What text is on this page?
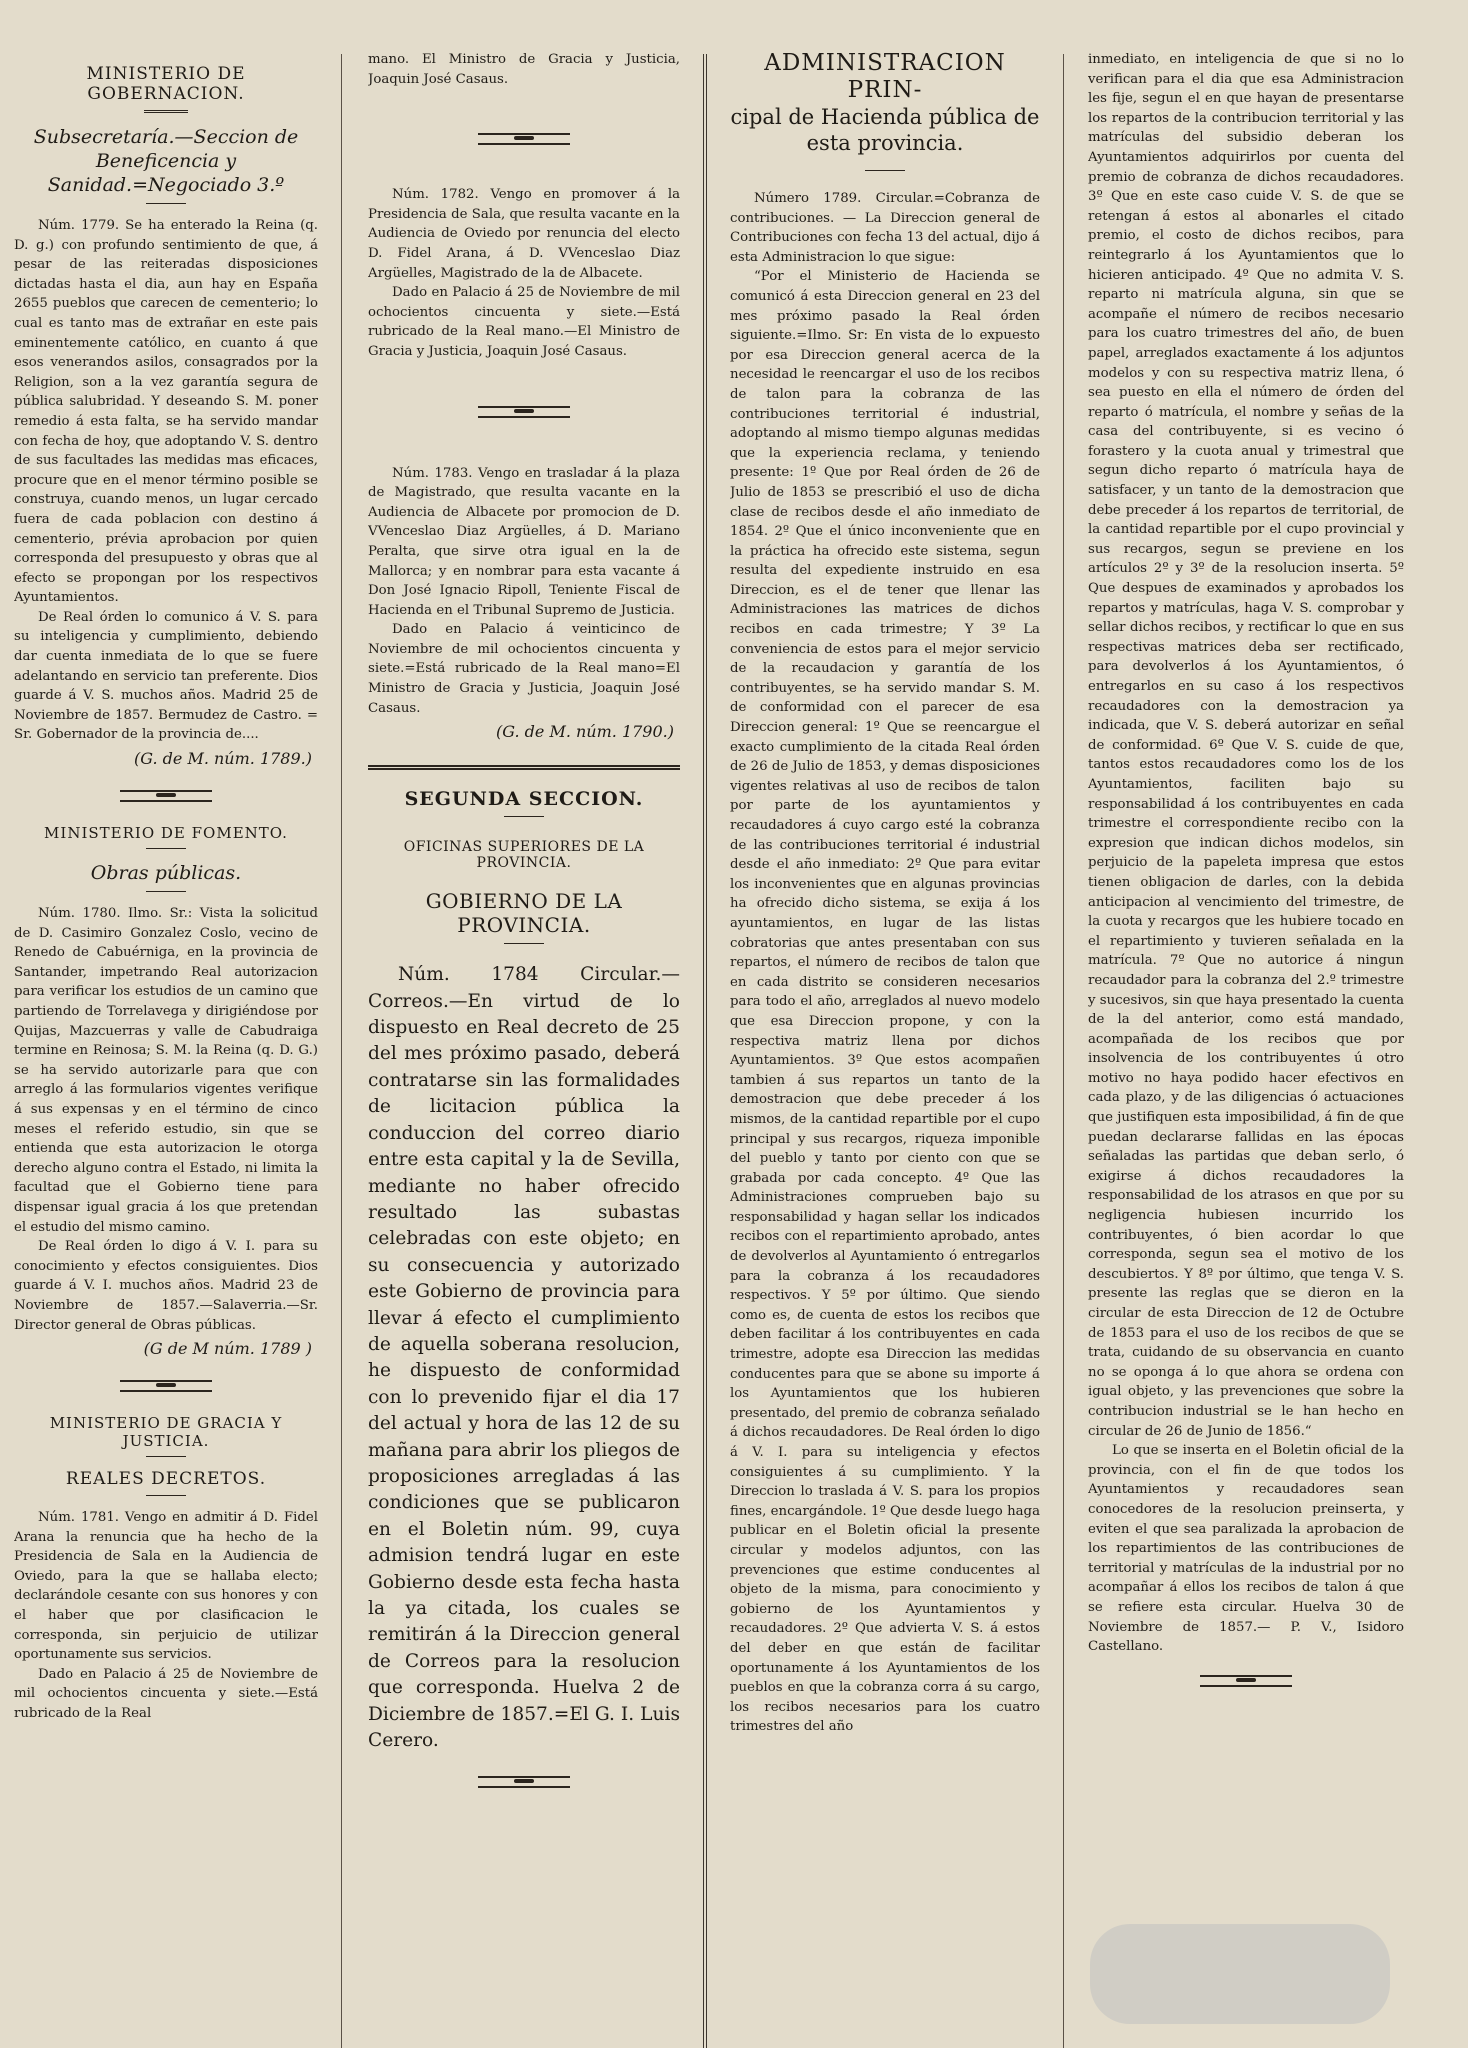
MINISTERIO DE GOBERNACION.
Subsecretaría.—Seccion de Beneficencia y Sanidad.=Negociado 3.º

Núm. 1779. Se ha enterado la Reina (q. D. g.) con profundo sentimiento de que, á pesar de las reiteradas disposiciones dictadas hasta el dia, aun hay en España 2655 pueblos que carecen de cementerio; lo cual es tanto mas de extrañar en este pais eminentemente católico, en cuanto á que esos venerandos asilos, consagrados por la Religion, son a la vez garantía segura de pública salubridad. Y deseando S. M. poner remedio á esta falta, se ha servido mandar con fecha de hoy, que adoptando V. S. dentro de sus facultades las medidas mas eficaces, procure que en el menor término posible se construya, cuando menos, un lugar cercado fuera de cada poblacion con destino á cementerio, prévia aprobacion por quien corresponda del presupuesto y obras que al efecto se propongan por los respectivos Ayuntamientos.

De Real órden lo comunico á V. S. para su inteligencia y cumplimiento, debiendo dar cuenta inmediata de lo que se fuere adelantando en servicio tan preferente. Dios guarde á V. S. muchos años. Madrid 25 de Noviembre de 1857. Bermudez de Castro. = Sr. Gobernador de la provincia de....

(G. de M. núm. 1789.)
MINISTERIO DE FOMENTO.
Obras públicas.

Núm. 1780. Ilmo. Sr.: Vista la solicitud de D. Casimiro Gonzalez Coslo, vecino de Renedo de Cabuérniga, en la provincia de Santander, impetrando Real autorizacion para verificar los estudios de un camino que partiendo de Torrelavega y dirigiéndose por Quijas, Mazcuerras y valle de Cabudraiga termine en Reinosa; S. M. la Reina (q. D. G.) se ha servido autorizarle para que con arreglo á las formularios vigentes verifique á sus expensas y en el término de cinco meses el referido estudio, sin que se entienda que esta autorizacion le otorga derecho alguno contra el Estado, ni limita la facultad que el Gobierno tiene para dispensar igual gracia á los que pretendan el estudio del mismo camino.

De Real órden lo digo á V. I. para su conocimiento y efectos consiguientes. Dios guarde á V. I. muchos años. Madrid 23 de Noviembre de 1857.—Salaverria.—Sr. Director general de Obras públicas.

(G de M núm. 1789 )
MINISTERIO DE GRACIA Y JUSTICIA.
REALES DECRETOS.

Núm. 1781. Vengo en admitir á D. Fidel Arana la renuncia que ha hecho de la Presidencia de Sala en la Audiencia de Oviedo, para la que se hallaba electo; declarándole cesante con sus honores y con el haber que por clasificacion le corresponda, sin perjuicio de utilizar oportunamente sus servicios.

Dado en Palacio á 25 de Noviembre de mil ochocientos cincuenta y siete.—Está rubricado de la Real

mano. El Ministro de Gracia y Justicia, Joaquin José Casaus.

Núm. 1782. Vengo en promover á la Presidencia de Sala, que resulta vacante en la Audiencia de Oviedo por renuncia del electo D. Fidel Arana, á D. VVenceslao Diaz Argüelles, Magistrado de la de Albacete.

Dado en Palacio á 25 de Noviembre de mil ochocientos cincuenta y siete.—Está rubricado de la Real mano.—El Ministro de Gracia y Justicia, Joaquin José Casaus.

Núm. 1783. Vengo en trasladar á la plaza de Magistrado, que resulta vacante en la Audiencia de Albacete por promocion de D. VVenceslao Diaz Argüelles, á D. Mariano Peralta, que sirve otra igual en la de Mallorca; y en nombrar para esta vacante á Don José Ignacio Ripoll, Teniente Fiscal de Hacienda en el Tribunal Supremo de Justicia.

Dado en Palacio á veinticinco de Noviembre de mil ochocientos cincuenta y siete.=Está rubricado de la Real mano=El Ministro de Gracia y Justicia, Joaquin José Casaus.

(G. de M. núm. 1790.)
SEGUNDA SECCION.
OFICINAS SUPERIORES DE LA PROVINCIA.
GOBIERNO DE LA PROVINCIA.

Núm. 1784 Circular.—Correos.—En virtud de lo dispuesto en Real decreto de 25 del mes próximo pasado, deberá contratarse sin las formalidades de licitacion pública la conduccion del correo diario entre esta capital y la de Sevilla, mediante no haber ofrecido resultado las subastas celebradas con este objeto; en su consecuencia y autorizado este Gobierno de provincia para llevar á efecto el cumplimiento de aquella soberana resolucion, he dispuesto de conformidad con lo prevenido fijar el dia 17 del actual y hora de las 12 de su mañana para abrir los pliegos de proposiciones arregladas á las condiciones que se publicaron en el Boletin núm. 99, cuya admision tendrá lugar en este Gobierno desde esta fecha hasta la ya citada, los cuales se remitirán á la Direccion general de Correos para la resolucion que corresponda. Huelva 2 de Diciembre de 1857.=El G. I. Luis Cerero.

ADMINISTRACION PRIN-
cipal de Hacienda pública de esta provincia.

Número 1789. Circular.=Cobranza de contribuciones. — La Direccion general de Contribuciones con fecha 13 del actual, dijo á esta Administracion lo que sigue:

“Por el Ministerio de Hacienda se comunicó á esta Direccion general en 23 del mes próximo pasado la Real órden siguiente.=Ilmo. Sr: En vista de lo expuesto por esa Direccion general acerca de la necesidad le reencargar el uso de los recibos de talon para la cobranza de las contribuciones territorial é industrial, adoptando al mismo tiempo algunas medidas que la experiencia reclama, y teniendo presente: 1º Que por Real órden de 26 de Julio de 1853 se prescribió el uso de dicha clase de recibos desde el año inmediato de 1854. 2º Que el único inconveniente que en la práctica ha ofrecido este sistema, segun resulta del expediente instruido en esa Direccion, es el de tener que llenar las Administraciones las matrices de dichos recibos en cada trimestre; Y 3º La conveniencia de estos para el mejor servicio de la recaudacion y garantía de los contribuyentes, se ha servido mandar S. M. de conformidad con el parecer de esa Direccion general: 1º Que se reencargue el exacto cumplimiento de la citada Real órden de 26 de Julio de 1853, y demas disposiciones vigentes relativas al uso de recibos de talon por parte de los ayuntamientos y recaudadores á cuyo cargo esté la cobranza de las contribuciones territorial é industrial desde el año inmediato: 2º Que para evitar los inconvenientes que en algunas provincias ha ofrecido dicho sistema, se exija á los ayuntamientos, en lugar de las listas cobratorias que antes presentaban con sus repartos, el número de recibos de talon que en cada distrito se consideren necesarios para todo el año, arreglados al nuevo modelo que esa Direccion propone, y con la respectiva matriz llena por dichos Ayuntamientos. 3º Que estos acompañen tambien á sus repartos un tanto de la demostracion que debe preceder á los mismos, de la cantidad repartible por el cupo principal y sus recargos, riqueza imponible del pueblo y tanto por ciento con que se grabada por cada concepto. 4º Que las Administraciones comprueben bajo su responsabilidad y hagan sellar los indicados recibos con el repartimiento aprobado, antes de devolverlos al Ayuntamiento ó entregarlos para la cobranza á los recaudadores respectivos. Y 5º por último. Que siendo como es, de cuenta de estos los recibos que deben facilitar á los contribuyentes en cada trimestre, adopte esa Direccion las medidas conducentes para que se abone su importe á los Ayuntamientos que los hubieren presentado, del premio de cobranza señalado á dichos recaudadores. De Real órden lo digo á V. I. para su inteligencia y efectos consiguientes á su cumplimiento. Y la Direccion lo traslada á V. S. para los propios fines, encargándole. 1º Que desde luego haga publicar en el Boletin oficial la presente circular y modelos adjuntos, con las prevenciones que estime conducentes al objeto de la misma, para conocimiento y gobierno de los Ayuntamientos y recaudadores. 2º Que advierta V. S. á estos del deber en que están de facilitar oportunamente á los Ayuntamientos de los pueblos en que la cobranza corra á su cargo, los recibos necesarios para los cuatro trimestres del año

inmediato, en inteligencia de que si no lo verifican para el dia que esa Administracion les fije, segun el en que hayan de presentarse los repartos de la contribucion territorial y las matrículas del subsidio deberan los Ayuntamientos adquirirlos por cuenta del premio de cobranza de dichos recaudadores. 3º Que en este caso cuide V. S. de que se retengan á estos al abonarles el citado premio, el costo de dichos recibos, para reintegrarlo á los Ayuntamientos que lo hicieren anticipado. 4º Que no admita V. S. reparto ni matrícula alguna, sin que se acompañe el número de recibos necesario para los cuatro trimestres del año, de buen papel, arreglados exactamente á los adjuntos modelos y con su respectiva matriz llena, ó sea puesto en ella el número de órden del reparto ó matrícula, el nombre y señas de la casa del contribuyente, si es vecino ó forastero y la cuota anual y trimestral que segun dicho reparto ó matrícula haya de satisfacer, y un tanto de la demostracion que debe preceder á los repartos de territorial, de la cantidad repartible por el cupo provincial y sus recargos, segun se previene en los artículos 2º y 3º de la resolucion inserta. 5º Que despues de examinados y aprobados los repartos y matrículas, haga V. S. comprobar y sellar dichos recibos, y rectificar lo que en sus respectivas matrices deba ser rectificado, para devolverlos á los Ayuntamientos, ó entregarlos en su caso á los respectivos recaudadores con la demostracion ya indicada, que V. S. deberá autorizar en señal de conformidad. 6º Que V. S. cuide de que, tantos estos recaudadores como los de los Ayuntamientos, faciliten bajo su responsabilidad á los contribuyentes en cada trimestre el correspondiente recibo con la expresion que indican dichos modelos, sin perjuicio de la papeleta impresa que estos tienen obligacion de darles, con la debida anticipacion al vencimiento del trimestre, de la cuota y recargos que les hubiere tocado en el repartimiento y tuvieren señalada en la matrícula. 7º Que no autorice á ningun recaudador para la cobranza del 2.º trimestre y sucesivos, sin que haya presentado la cuenta de la del anterior, como está mandado, acompañada de los recibos que por insolvencia de los contribuyentes ú otro motivo no haya podido hacer efectivos en cada plazo, y de las diligencias ó actuaciones que justifiquen esta imposibilidad, á fin de que puedan declararse fallidas en las épocas señaladas las partidas que deban serlo, ó exigirse á dichos recaudadores la responsabilidad de los atrasos en que por su negligencia hubiesen incurrido los contribuyentes, ó bien acordar lo que corresponda, segun sea el motivo de los descubiertos. Y 8º por último, que tenga V. S. presente las reglas que se dieron en la circular de esta Direccion de 12 de Octubre de 1853 para el uso de los recibos de que se trata, cuidando de su observancia en cuanto no se oponga á lo que ahora se ordena con igual objeto, y las prevenciones que sobre la contribucion industrial se le han hecho en circular de 26 de Junio de 1856.“

Lo que se inserta en el Boletin oficial de la provincia, con el fin de que todos los Ayuntamientos y recaudadores sean conocedores de la resolucion preinserta, y eviten el que sea paralizada la aprobacion de los repartimientos de las contribuciones de territorial y matrículas de la industrial por no acompañar á ellos los recibos de talon á que se refiere esta circular. Huelva 30 de Noviembre de 1857.— P. V., Isidoro Castellano.
